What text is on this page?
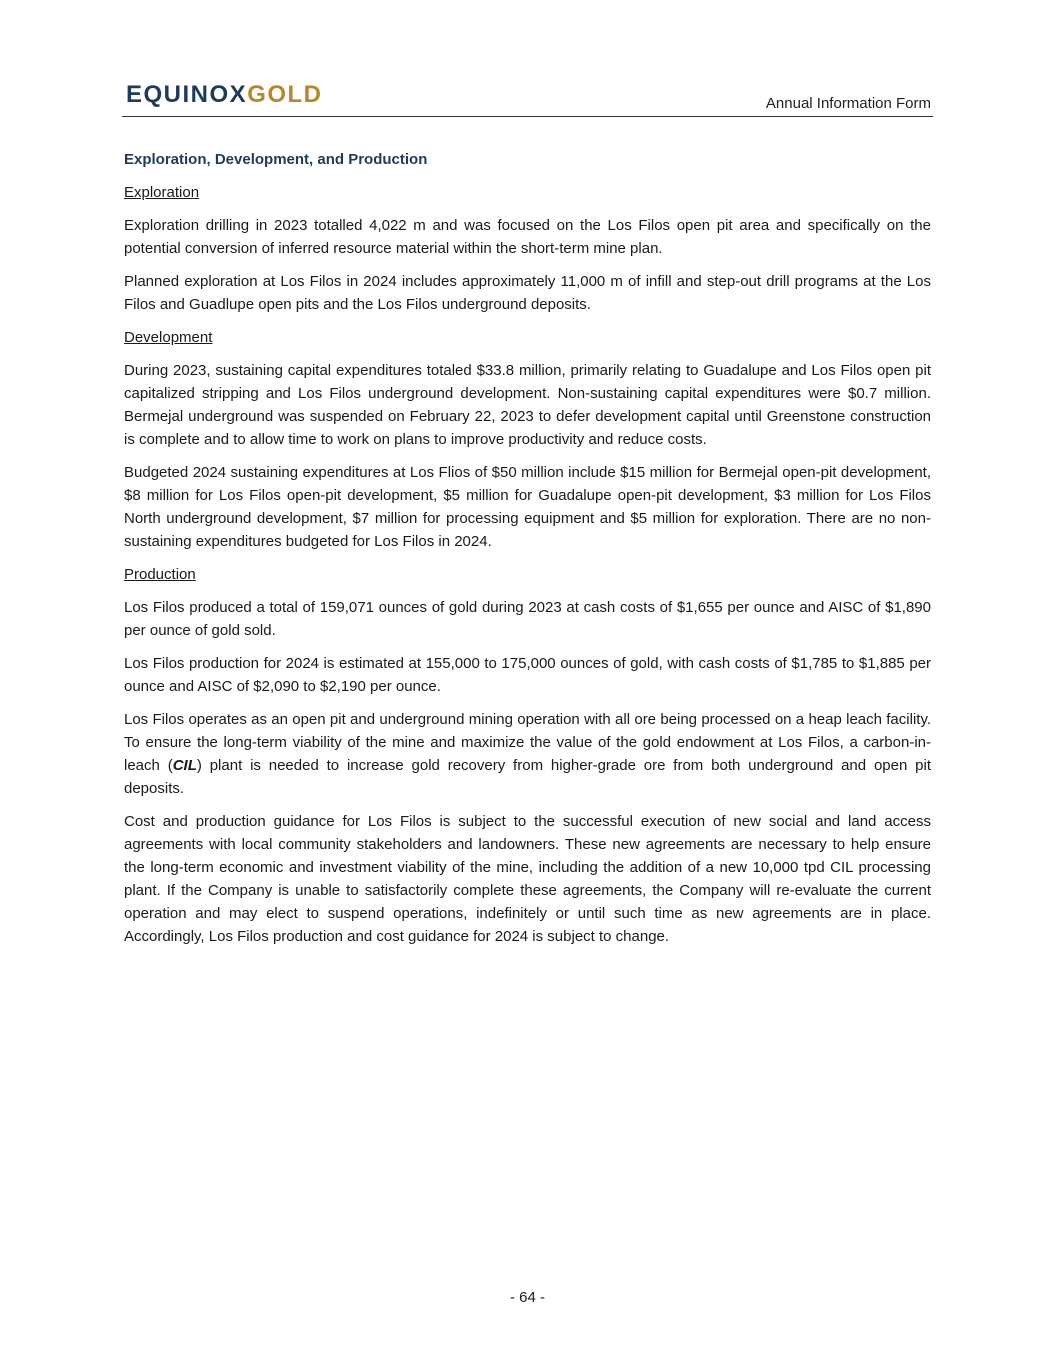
EQUINOXGOLD	Annual Information Form
Exploration, Development, and Production
Exploration

Exploration drilling in 2023 totalled 4,022 m and was focused on the Los Filos open pit area and specifically on the potential conversion of inferred resource material within the short-term mine plan.

Planned exploration at Los Filos in 2024 includes approximately 11,000 m of infill and step-out drill programs at the Los Filos and Guadlupe open pits and the Los Filos underground deposits.

Development

During 2023, sustaining capital expenditures totaled $33.8 million, primarily relating to Guadalupe and Los Filos open pit capitalized stripping and Los Filos underground development. Non-sustaining capital expenditures were $0.7 million. Bermejal underground was suspended on February 22, 2023 to defer development capital until Greenstone construction is complete and to allow time to work on plans to improve productivity and reduce costs.

Budgeted 2024 sustaining expenditures at Los Flios of $50 million include $15 million for Bermejal open-pit development, $8 million for Los Filos open-pit development, $5 million for Guadalupe open-pit development, $3 million for Los Filos North underground development, $7 million for processing equipment and $5 million for exploration. There are no non-sustaining expenditures budgeted for Los Filos in 2024.

Production

Los Filos produced a total of 159,071 ounces of gold during 2023 at cash costs of $1,655 per ounce and AISC of $1,890 per ounce of gold sold.

Los Filos production for 2024 is estimated at 155,000 to 175,000 ounces of gold, with cash costs of $1,785 to $1,885 per ounce and AISC of $2,090 to $2,190 per ounce.

Los Filos operates as an open pit and underground mining operation with all ore being processed on a heap leach facility. To ensure the long-term viability of the mine and maximize the value of the gold endowment at Los Filos, a carbon-in-leach (CIL) plant is needed to increase gold recovery from higher-grade ore from both underground and open pit deposits.

Cost and production guidance for Los Filos is subject to the successful execution of new social and land access agreements with local community stakeholders and landowners. These new agreements are necessary to help ensure the long-term economic and investment viability of the mine, including the addition of a new 10,000 tpd CIL processing plant. If the Company is unable to satisfactorily complete these agreements, the Company will re-evaluate the current operation and may elect to suspend operations, indefinitely or until such time as new agreements are in place. Accordingly, Los Filos production and cost guidance for 2024 is subject to change.

- 64 -
